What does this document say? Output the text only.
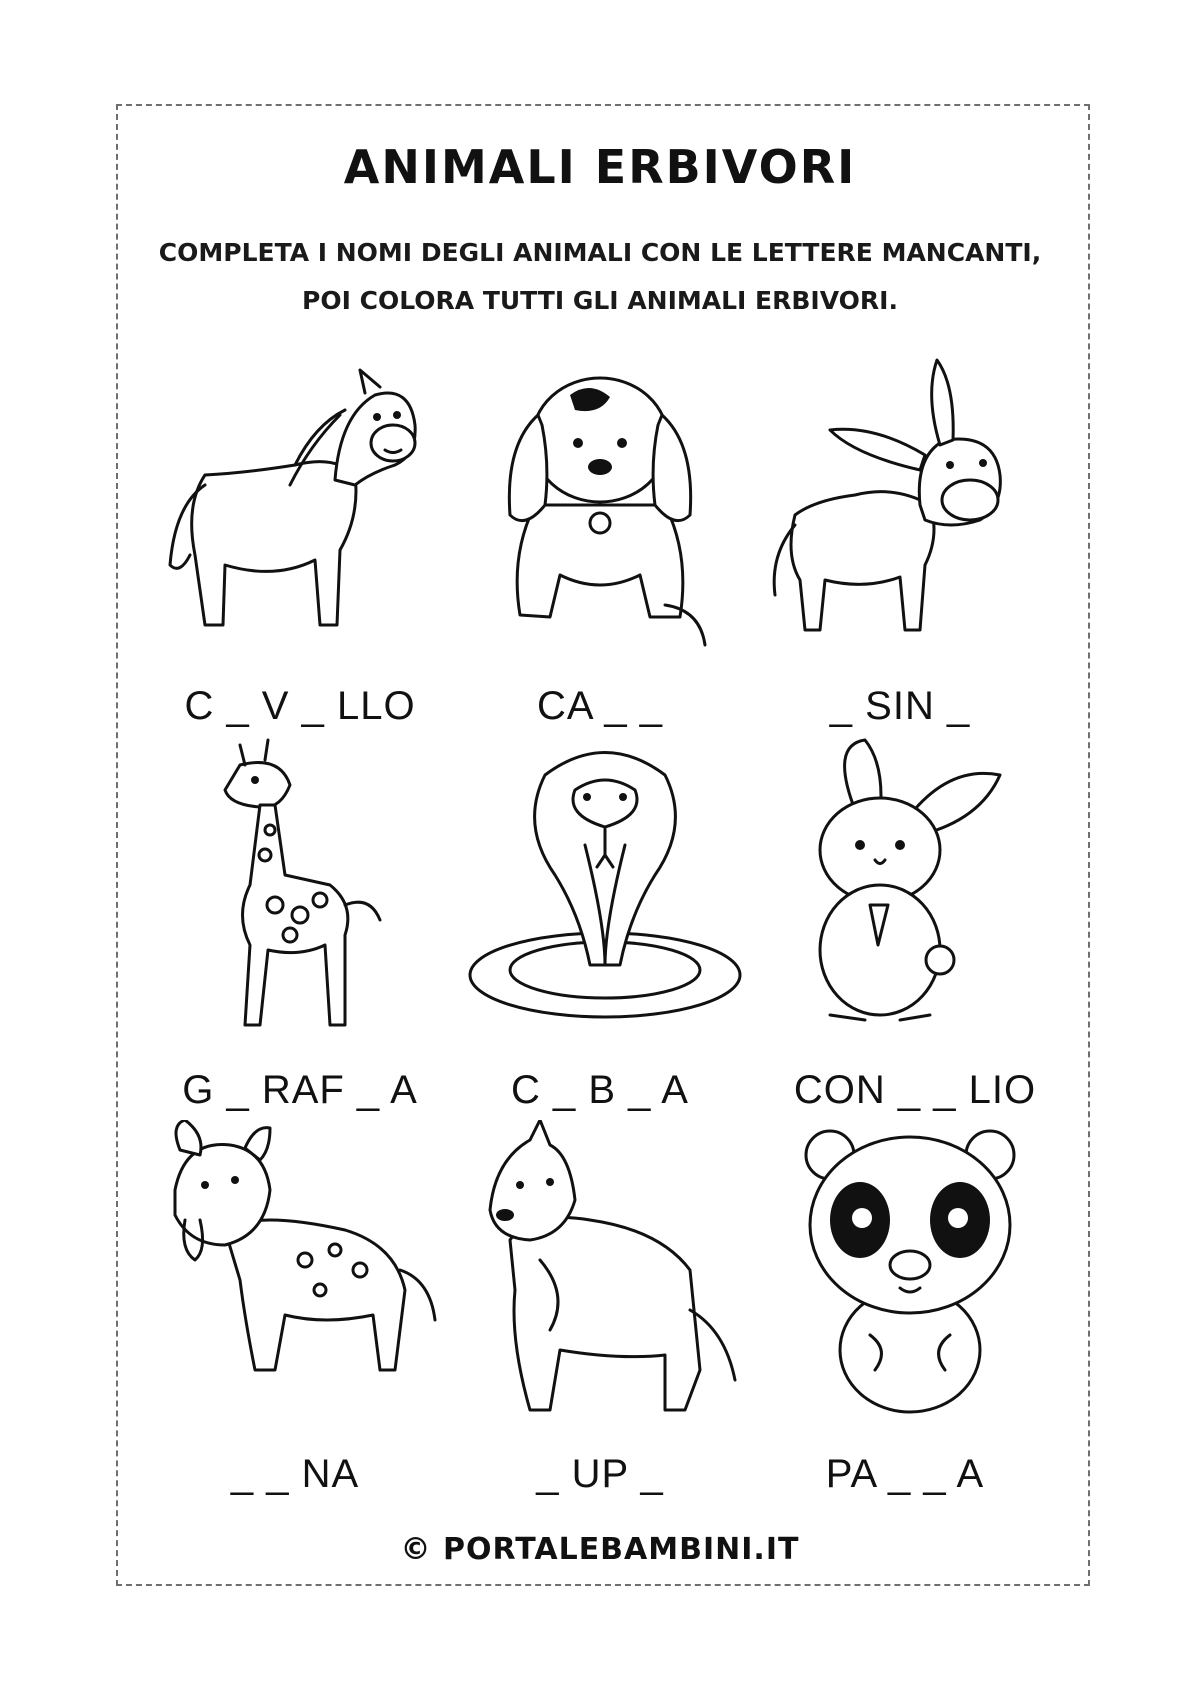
ANIMALI ERBIVORI
COMPLETA I NOMI DEGLI ANIMALI CON LE LETTERE MANCANTI,
POI COLORA TUTTI GLI ANIMALI ERBIVORI.
C _ V _ LLO	CA _ _	_ SIN _
G _ RAF _ A	C _ B _ A	CON _ _ LIO
_ _ NA	_ UP _	PA _ _ A
© PORTALEBAMBINI.IT
